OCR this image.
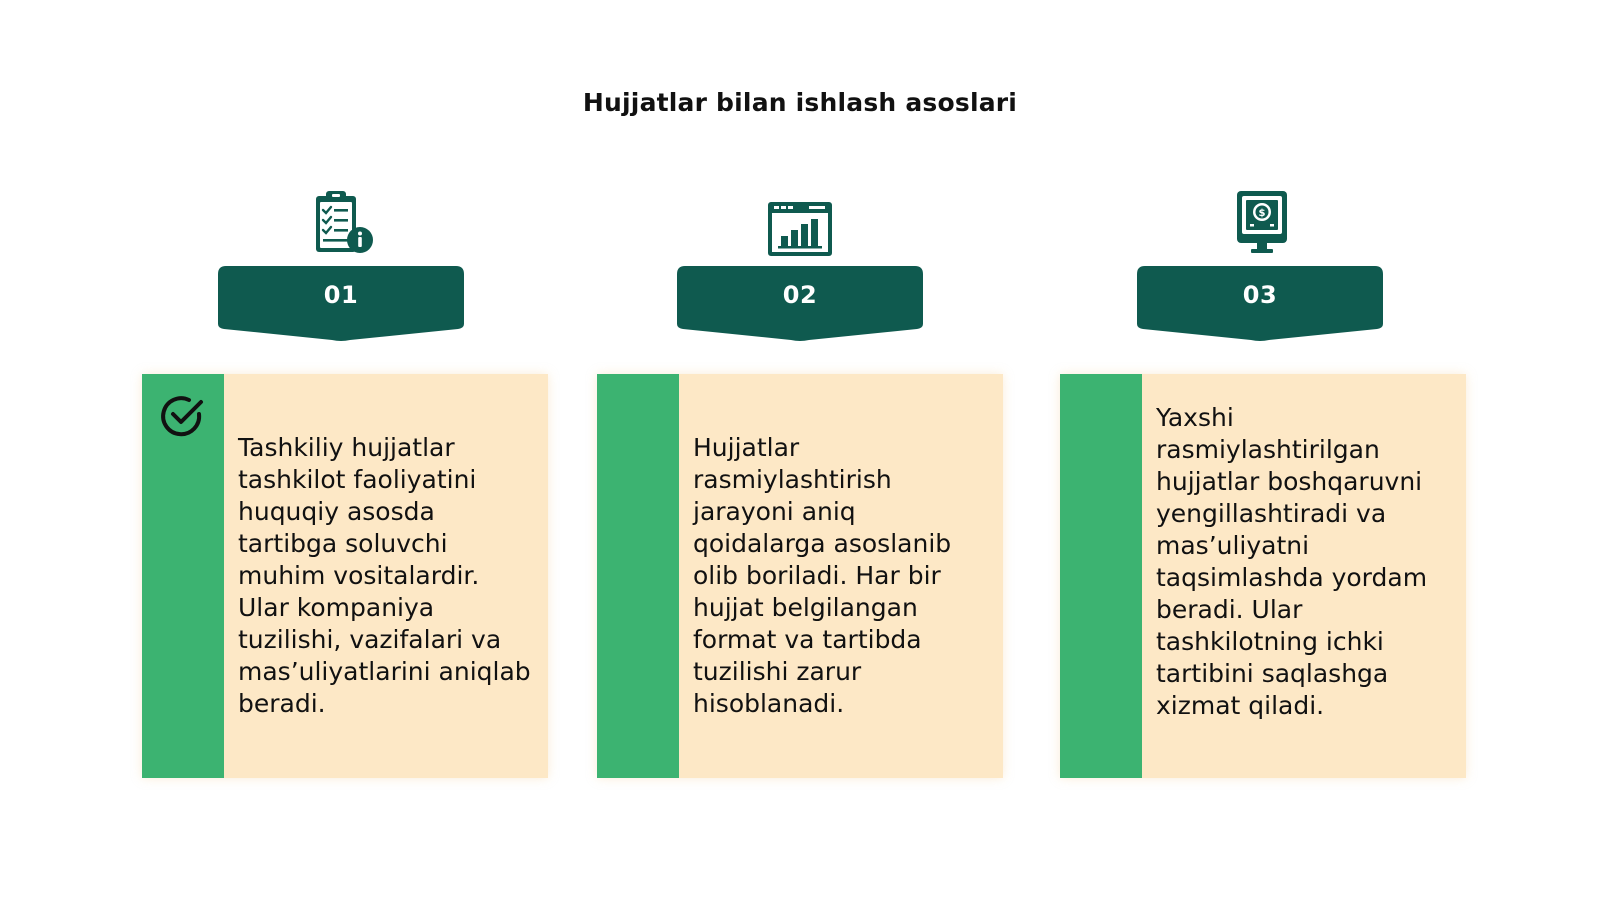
Hujjatlar bilan ishlash asoslari
01
Tashkiliy hujjatlar tashkilot faoliyatini huquqiy asosda tartibga soluvchi muhim vositalardir. Ular kompaniya tuzilishi, vazifalari va mas’uliyatlarini aniqlab beradi.
02
Hujjatlar rasmiylashtirish jarayoni aniq qoidalarga asoslanib olib boriladi. Har bir hujjat belgilangan format va tartibda tuzilishi zarur hisoblanadi.
$
03
Yaxshi rasmiylashtirilgan hujjatlar boshqaruvni yengillashtiradi va mas’uliyatni taqsimlashda yordam beradi. Ular tashkilotning ichki tartibini saqlashga xizmat qiladi.
